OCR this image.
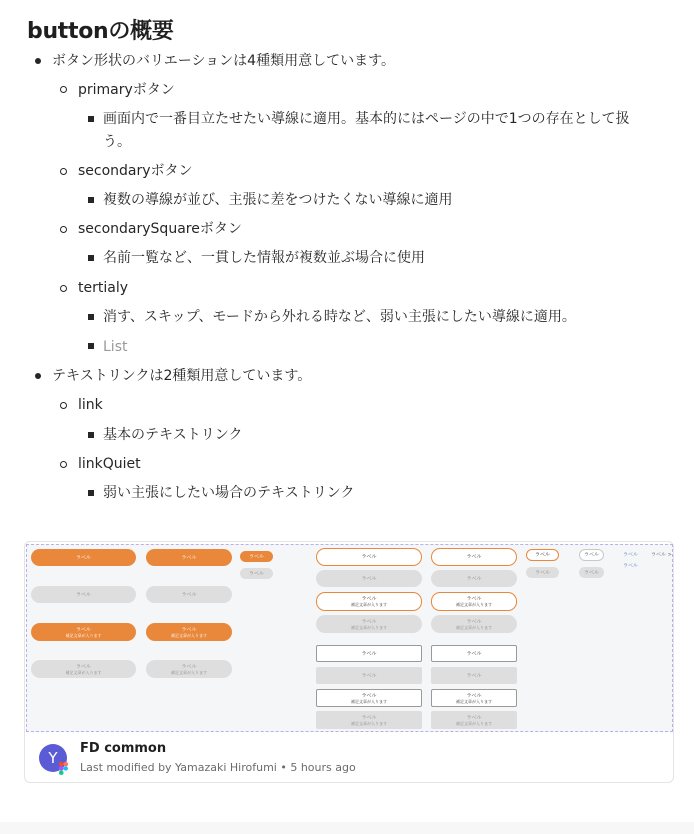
buttonの概要
ボタン形状のバリエーションは4種類用意しています。
primaryボタン
画面内で一番目立たせたい導線に適用。基本的にはページの中で1つの存在として扱
う。
secondaryボタン
複数の導線が並び、主張に差をつけたくない導線に適用
secondarySquareボタン
名前一覧など、一貫した情報が複数並ぶ場合に使用
tertialy
消す、スキップ、モードから外れる時など、弱い主張にしたい導線に適用。
List
テキストリンクは2種類用意しています。
link
基本のテキストリンク
linkQuiet
弱い主張にしたい場合のテキストリンク
ラベル
ラベル
ラベル
補足文章が入ります
ラベル
補足文章が入ります
ラベル
ラベル
ラベル
補足文章が入ります
ラベル
補足文章が入ります
ラベル
ラベル
ラベル
ラベル
ラベル
補足文章が入ります
ラベル
補足文章が入ります
ラベル
ラベル
ラベル
補足文章が入ります
ラベル
補足文章が入ります
ラベル
ラベル
ラベル
補足文章が入ります
ラベル
補足文章が入ります
ラベル
ラベル
ラベル
補足文章が入ります
ラベル
補足文章が入ります
ラベル
ラベル
ラベル
ラベル
ラベル
ラベル
ラベル >
Y
FD common
Last modified by Yamazaki Hirofumi • 5 hours ago
